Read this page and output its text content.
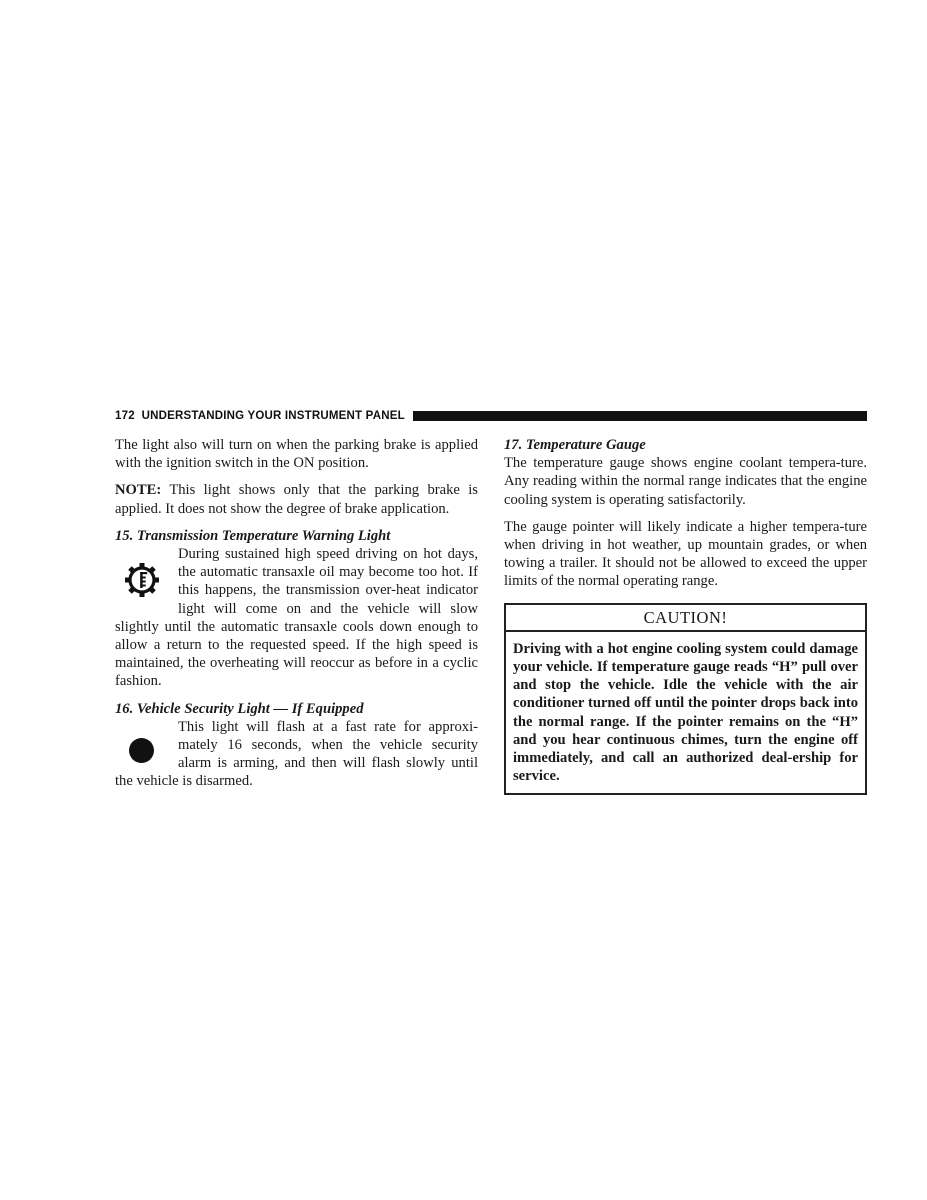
172 UNDERSTANDING YOUR INSTRUMENT PANEL

The light also will turn on when the parking brake is applied with the ignition switch in the ON position.

NOTE: This light shows only that the parking brake is applied. It does not show the degree of brake application.

15. Transmission Temperature Warning Light

During sustained high speed driving on hot days, the automatic transaxle oil may become too hot. If this happens, the transmission over-heat indicator light will come on and the vehicle will slow slightly until the automatic transaxle cools down enough to allow a return to the requested speed. If the high speed is maintained, the overheating will reoccur as before in a cyclic fashion.

16. Vehicle Security Light — If Equipped

This light will flash at a fast rate for approxi-mately 16 seconds, when the vehicle security alarm is arming, and then will flash slowly until the vehicle is disarmed.

17. Temperature Gauge

The temperature gauge shows engine coolant tempera-ture. Any reading within the normal range indicates that the engine cooling system is operating satisfactorily.

The gauge pointer will likely indicate a higher tempera-ture when driving in hot weather, up mountain grades, or when towing a trailer. It should not be allowed to exceed the upper limits of the normal operating range.

CAUTION!
Driving with a hot engine cooling system could damage your vehicle. If temperature gauge reads “H” pull over and stop the vehicle. Idle the vehicle with the air conditioner turned off until the pointer drops back into the normal range. If the pointer remains on the “H” and you hear continuous chimes, turn the engine off immediately, and call an authorized deal-ership for service.
